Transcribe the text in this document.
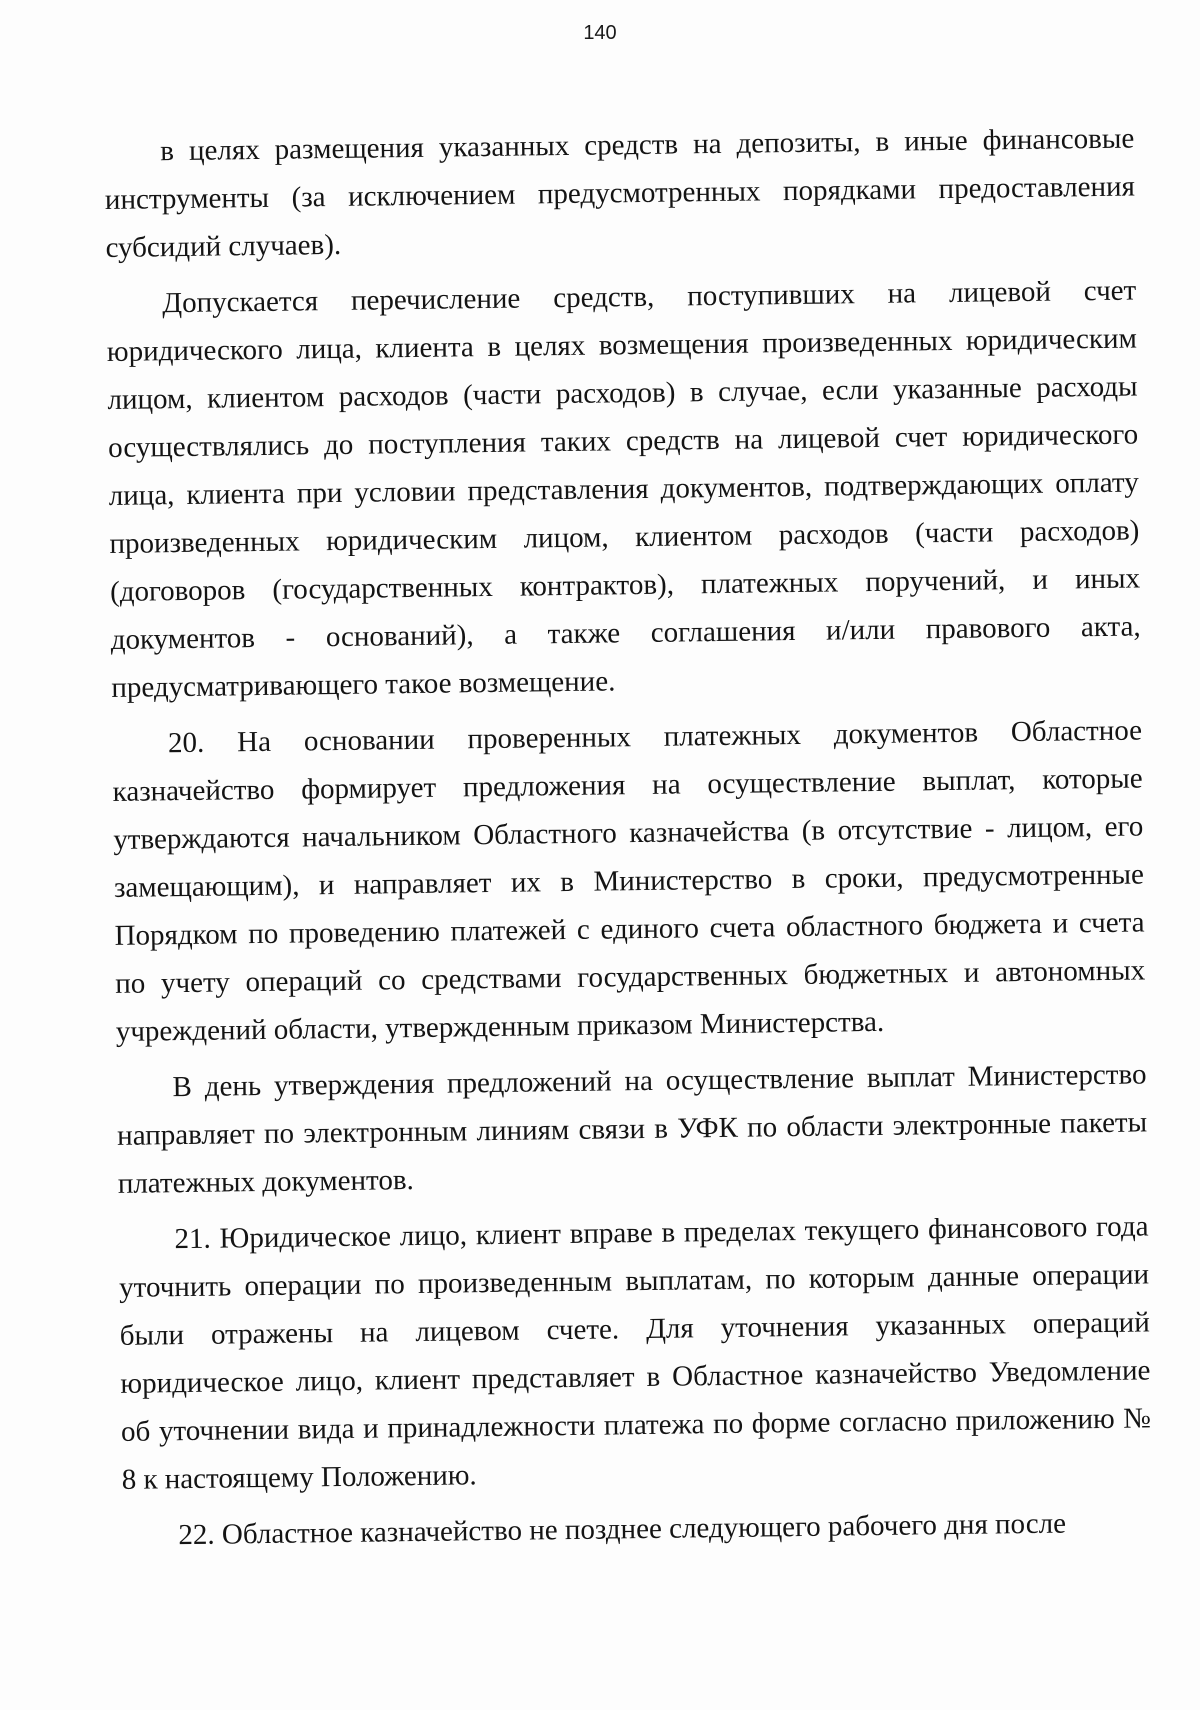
140

в целях размещения указанных средств на депозиты, в иные финансовые инструменты (за исключением предусмотренных порядками предоставления субсидий случаев).

Допускается перечисление средств, поступивших на лицевой счет юридического лица, клиента в целях возмещения произведенных юридическим лицом, клиентом расходов (части расходов) в случае, если указанные расходы осуществлялись до поступления таких средств на лицевой счет юридического лица, клиента при условии представления документов, подтверждающих оплату произведенных юридическим лицом, клиентом расходов (части расходов) (договоров (государственных контрактов), платежных поручений, и иных документов - оснований), а также соглашения и/или правового акта, предусматривающего такое возмещение.

20. На основании проверенных платежных документов Областное казначейство формирует предложения на осуществление выплат, которые утверждаются начальником Областного казначейства (в отсутствие - лицом, его замещающим), и направляет их в Министерство в сроки, предусмотренные Порядком по проведению платежей с единого счета областного бюджета и счета по учету операций со средствами государственных бюджетных и автономных учреждений области, утвержденным приказом Министерства.

В день утверждения предложений на осуществление выплат Министерство направляет по электронным линиям связи в УФК по области электронные пакеты платежных документов.

21. Юридическое лицо, клиент вправе в пределах текущего финансового года уточнить операции по произведенным выплатам, по которым данные операции были отражены на лицевом счете. Для уточнения указанных операций юридическое лицо, клиент представляет в Областное казначейство Уведомление об уточнении вида и принадлежности платежа по форме согласно приложению № 8 к настоящему Положению.

22. Областное казначейство не позднее следующего рабочего дня после
